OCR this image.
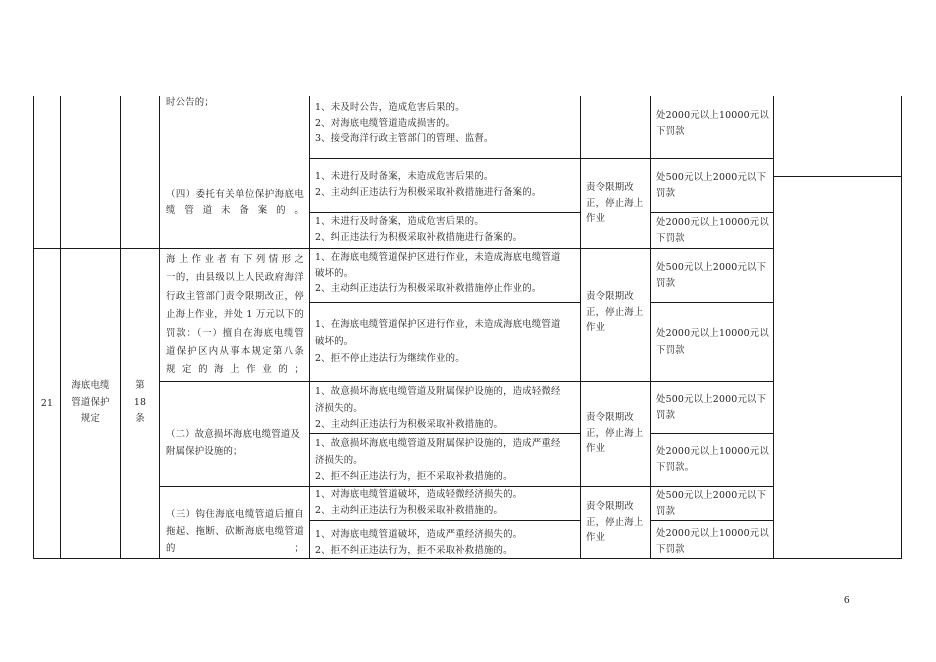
时公告的；	1、未及时公告，造成危害后果的。
2、对海底电缆管道造成损害的。
3、接受海洋行政主管部门的管理、监督。
处2000元以上10000元以
下罚款
（四）委托有关单位保护海底电
缆管道未备案的。
责令限期改
正，停止海上
作业
1、未进行及时备案，未造成危害后果的。
2、主动纠正违法行为积极采取补救措施进行备案的。
处500元以上2000元以下
罚款
1、未进行及时备案，造成危害后果的。
2、纠正违法行为积极采取补救措施进行备案的。
处2000元以上10000元以
下罚款
21
海底电缆
管道保护
规定
第
18
条
海上作业者有下列情形之
一的，由县级以上人民政府海洋
行政主管部门责令限期改正，停
止海上作业，并处 1 万元以下的
罚款：（一）擅自在海底电缆管
道保护区内从事本规定第八条
规定的海上作业的；
责令限期改
正，停止海上
作业
1、在海底电缆管道保护区进行作业，未造成海底电缆管道
破坏的。
2、主动纠正违法行为积极采取补救措施停止作业的。
处500元以上2000元以下
罚款
1、在海底电缆管道保护区进行作业，未造成海底电缆管道
破坏的。
2、拒不停止违法行为继续作业的。
处2000元以上10000元以
下罚款
（二）故意损坏海底电缆管道及
附属保护设施的；
责令限期改
正，停止海上
作业
1、故意损坏海底电缆管道及附属保护设施的，造成轻微经
济损失的。
2、主动纠正违法行为积极采取补救措施的。
处500元以上2000元以下
罚款
1、故意损坏海底电缆管道及附属保护设施的，造成严重经
济损失的。
2、拒不纠正违法行为，拒不采取补救措施的。
处2000元以上10000元以
下罚款。
（三）钩住海底电缆管道后擅自
拖起、拖断、砍断海底电缆管道
的；
责令限期改
正，停止海上
作业
1、对海底电缆管道破坏，造成轻微经济损失的。
2、主动纠正违法行为积极采取补救措施的。
处500元以上2000元以下
罚款
1、对海底电缆管道破坏，造成严重经济损失的。
2、拒不纠正违法行为，拒不采取补救措施的。
处2000元以上10000元以
下罚款
6
